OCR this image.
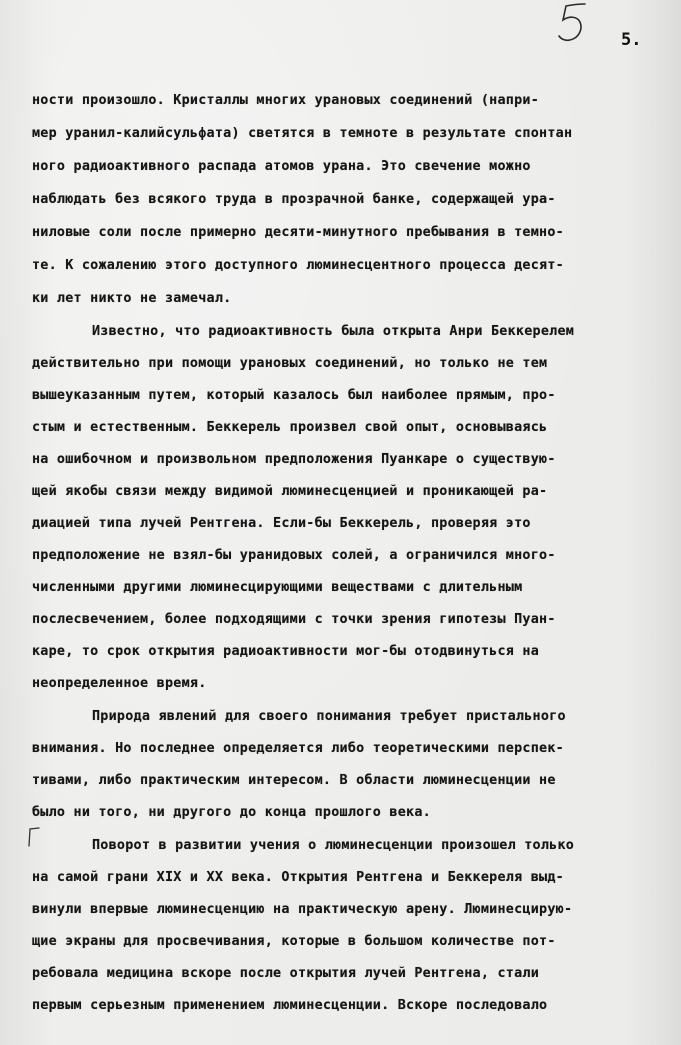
5.
ности произошло. Кристаллы многих урановых соединений (напри-
мер уранил-калийсульфата) светятся в темноте в результате спонтан
ного радиоактивного распада атомов урана. Это свечение можно
наблюдать без всякого труда в прозрачной банке, содержащей ура-
ниловые соли после примерно десяти-минутного пребывания в темно-
те. К сожалению этого доступного люминесцентного процесса десят-
ки лет никто не замечал.
Известно, что радиоактивность была открыта Анри Беккерелем
действительно при помощи урановых соединений, но только не тем
вышеуказанным путем, который казалось был наиболее прямым, про-
стым и естественным. Беккерель произвел свой опыт, основываясь
на ошибочном и произвольном предположения Пуанкаре о существую-
щей якобы связи между видимой люминесценцией и проникающей ра-
диацией типа лучей Рентгена. Если-бы Беккерель, проверяя это
предположение не взял-бы уранидовых солей, а ограничился много-
численными другими люминесцирующими веществами с длительным
послесвечением, более подходящими с точки зрения гипотезы Пуан-
каре, то срок открытия радиоактивности мог-бы отодвинуться на
неопределенное время.
Природа явлений для своего понимания требует пристального
внимания. Но последнее определяется либо теоретическими перспек-
тивами, либо практическим интересом. В области люминесценции не
было ни того, ни другого до конца прошлого века.
Поворот в развитии учения о люминесценции произошел только
на самой грани XIX и XX века. Открытия Рентгена и Беккереля выд-
винули впервые люминесценцию на практическую арену. Люминесцирую-
щие экраны для просвечивания, которые в большом количестве пот-
ребовала медицина вскоре после открытия лучей Рентгена, стали
первым серьезным применением люминесценции. Вскоре последовало
